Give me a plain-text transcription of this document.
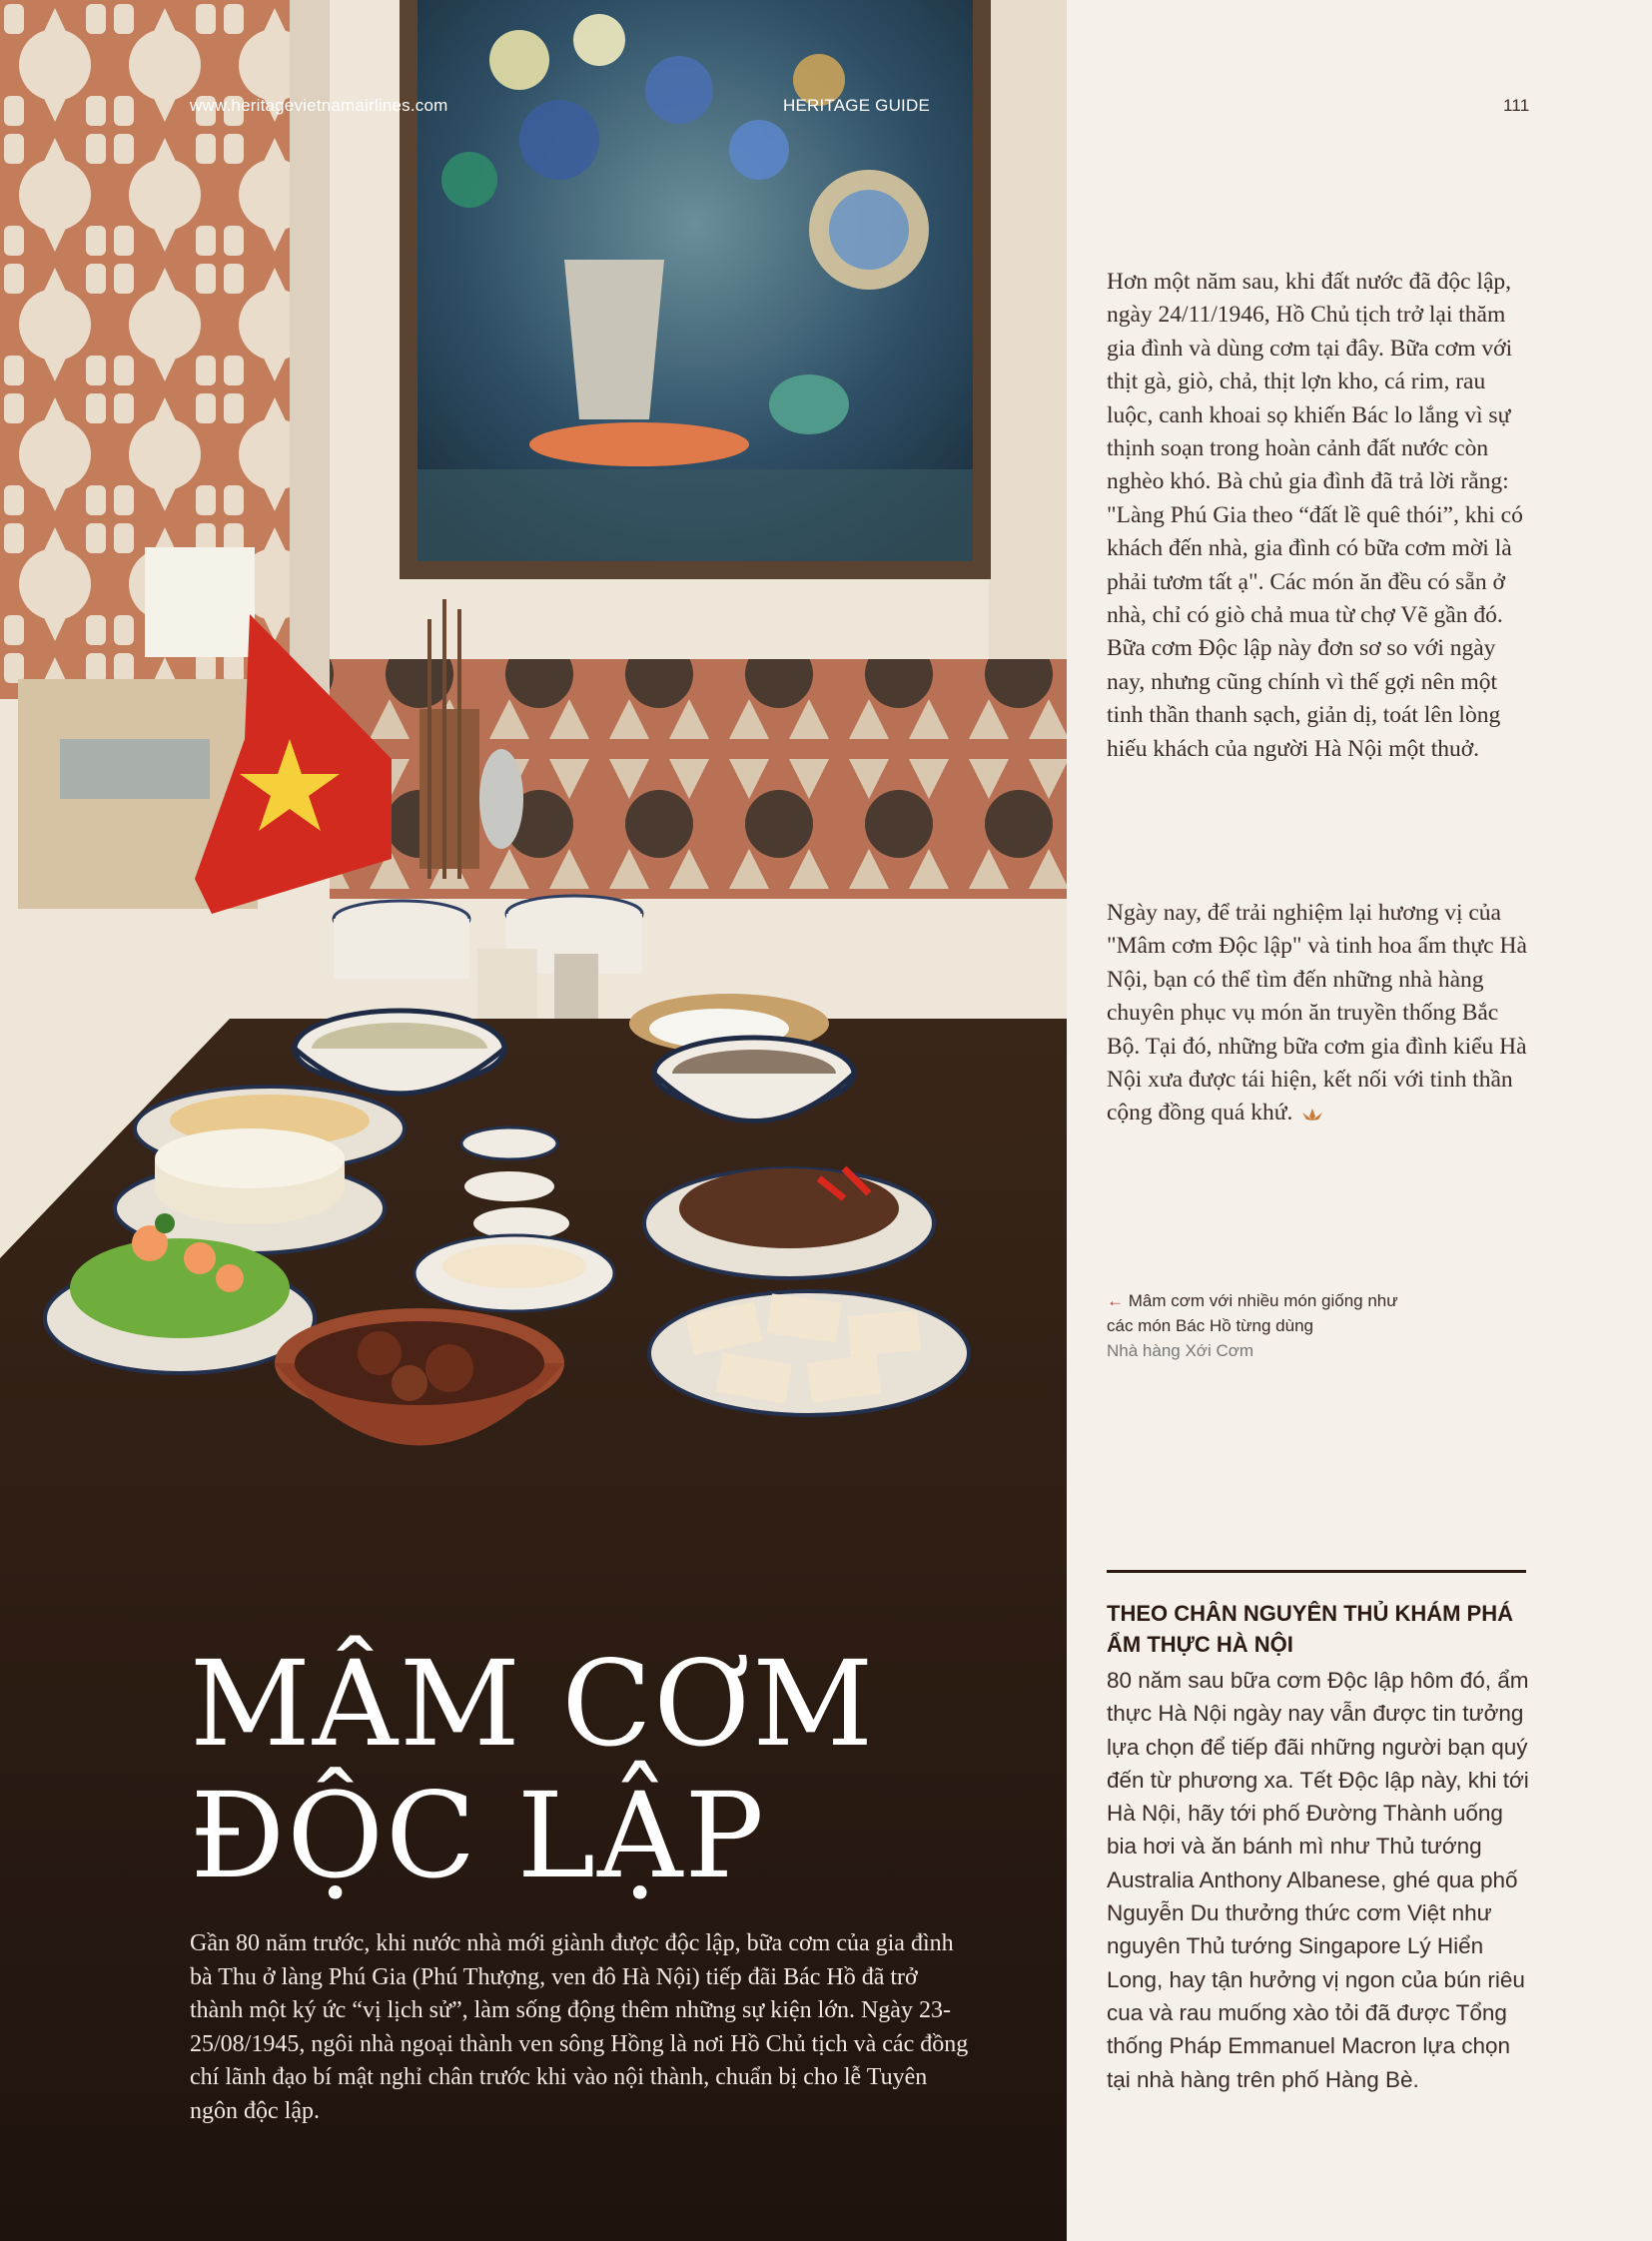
www.heritagevietnamairlines.com	HERITAGE GUIDE	111
Hơn một năm sau, khi đất nước đã độc lập, ngày 24/11/1946, Hồ Chủ tịch trở lại thăm gia đình và dùng cơm tại đây. Bữa cơm với thịt gà, giò, chả, thịt lợn kho, cá rim, rau luộc, canh khoai sọ khiến Bác lo lắng vì sự thịnh soạn trong hoàn cảnh đất nước còn nghèo khó. Bà chủ gia đình đã trả lời rằng: "Làng Phú Gia theo “đất lề quê thói”, khi có khách đến nhà, gia đình có bữa cơm mời là phải tươm tất ạ". Các món ăn đều có sẵn ở nhà, chỉ có giò chả mua từ chợ Vẽ gần đó. Bữa cơm Độc lập này đơn sơ so với ngày nay, nhưng cũng chính vì thế gợi nên một tinh thần thanh sạch, giản dị, toát lên lòng hiếu khách của người Hà Nội một thuở.
Ngày nay, để trải nghiệm lại hương vị của "Mâm cơm Độc lập" và tinh hoa ẩm thực Hà Nội, bạn có thể tìm đến những nhà hàng chuyên phục vụ món ăn truyền thống Bắc Bộ. Tại đó, những bữa cơm gia đình kiểu Hà Nội xưa được tái hiện, kết nối với tinh thần cộng đồng quá khứ.
← Mâm cơm với nhiều món giống như các món Bác Hồ từng dùng
Nhà hàng Xới Cơm
THEO CHÂN NGUYÊN THỦ KHÁM PHÁ ẨM THỰC HÀ NỘI
80 năm sau bữa cơm Độc lập hôm đó, ẩm thực Hà Nội ngày nay vẫn được tin tưởng lựa chọn để tiếp đãi những người bạn quý đến từ phương xa. Tết Độc lập này, khi tới Hà Nội, hãy tới phố Đường Thành uống bia hơi và ăn bánh mì như Thủ tướng Australia Anthony Albanese, ghé qua phố Nguyễn Du thưởng thức cơm Việt như nguyên Thủ tướng Singapore Lý Hiển Long, hay tận hưởng vị ngon của bún riêu cua và rau muống xào tỏi đã được Tổng thống Pháp Emmanuel Macron lựa chọn tại nhà hàng trên phố Hàng Bè.
MÂM CƠM
ĐỘC LẬP
Gần 80 năm trước, khi nước nhà mới giành được độc lập, bữa cơm của gia đình bà Thu ở làng Phú Gia (Phú Thượng, ven đô Hà Nội) tiếp đãi Bác Hồ đã trở thành một ký ức “vị lịch sử”, làm sống động thêm những sự kiện lớn. Ngày 23-25/08/1945, ngôi nhà ngoại thành ven sông Hồng là nơi Hồ Chủ tịch và các đồng chí lãnh đạo bí mật nghỉ chân trước khi vào nội thành, chuẩn bị cho lễ Tuyên ngôn độc lập.
